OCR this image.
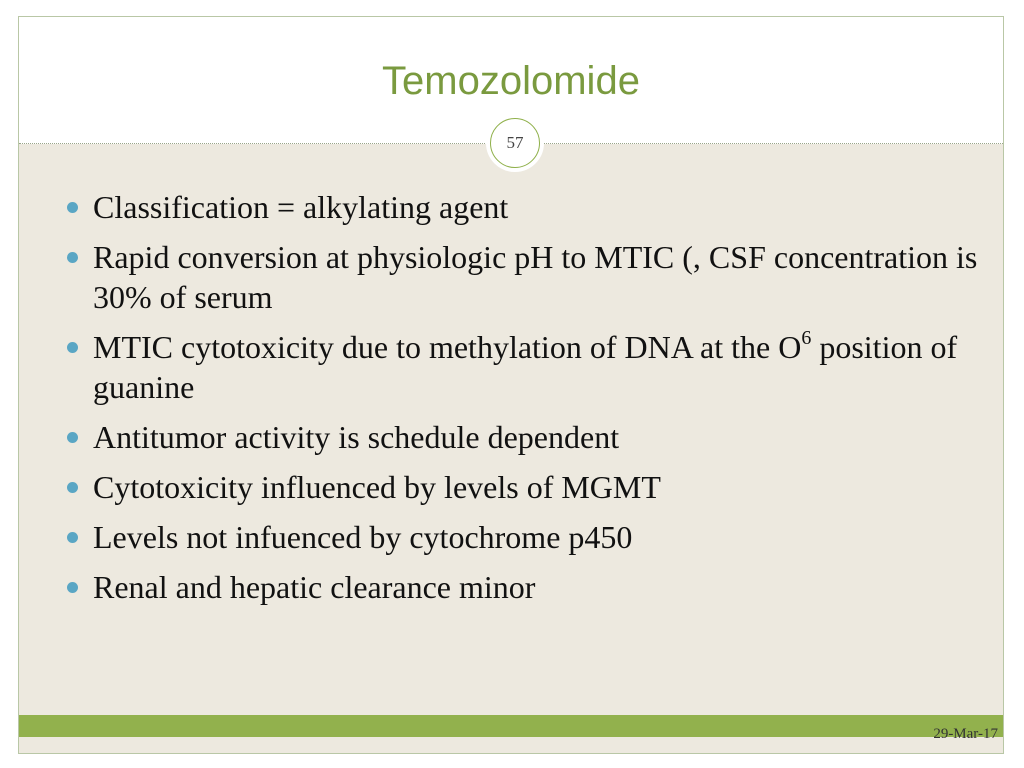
Temozolomide
57
Classification = alkylating agent
Rapid conversion at physiologic pH to MTIC (, CSF concentration is 30% of serum
MTIC cytotoxicity due to methylation of DNA at the $O^6$ position of guanine
Antitumor activity is schedule dependent
Cytotoxicity influenced by levels of MGMT
Levels not infuenced by cytochrome p450
Renal and hepatic clearance minor
29-Mar-17
